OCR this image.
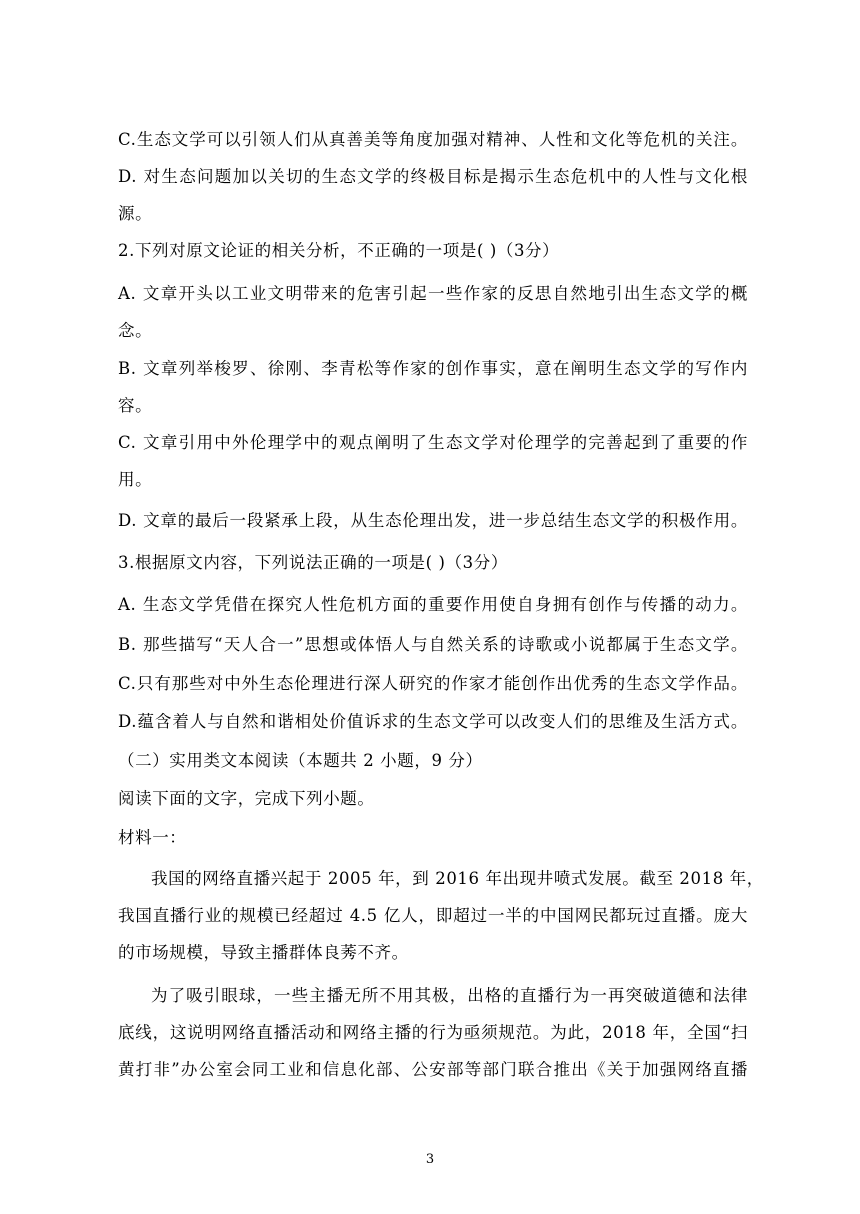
C.生态文学可以引领人们从真善美等角度加强对精神、人性和文化等危机的关注。
D. 对生态问题加以关切的生态文学的终极目标是揭示生态危机中的人性与文化根
源。
2.下列对原文论证的相关分析，不正确的一项是( )（3分）
A. 文章开头以工业文明带来的危害引起一些作家的反思自然地引出生态文学的概
念。
B. 文章列举梭罗、徐刚、李青松等作家的创作事实，意在阐明生态文学的写作内
容。
C. 文章引用中外伦理学中的观点阐明了生态文学对伦理学的完善起到了重要的作
用。
D. 文章的最后一段紧承上段，从生态伦理出发，进一步总结生态文学的积极作用。
3.根据原文内容，下列说法正确的一项是( )（3分）
A. 生态文学凭借在探究人性危机方面的重要作用使自身拥有创作与传播的动力。
B. 那些描写“天人合一”思想或体悟人与自然关系的诗歌或小说都属于生态文学。
C.只有那些对中外生态伦理进行深人研究的作家才能创作出优秀的生态文学作品。
D.蕴含着人与自然和谐相处价值诉求的生态文学可以改变人们的思维及生活方式。
（二）实用类文本阅读（本题共 2 小题，9 分）
阅读下面的文字，完成下列小题。
材料一：
我国的网络直播兴起于 2005 年，到 2016 年出现井喷式发展。截至 2018 年，
我国直播行业的规模已经超过 4.5 亿人，即超过一半的中国网民都玩过直播。庞大
的市场规模，导致主播群体良莠不齐。
为了吸引眼球，一些主播无所不用其极，出格的直播行为一再突破道德和法律
底线，这说明网络直播活动和网络主播的行为亟须规范。为此，2018 年，全国“扫
黄打非”办公室会同工业和信息化部、公安部等部门联合推出《关于加强网络直播
3
